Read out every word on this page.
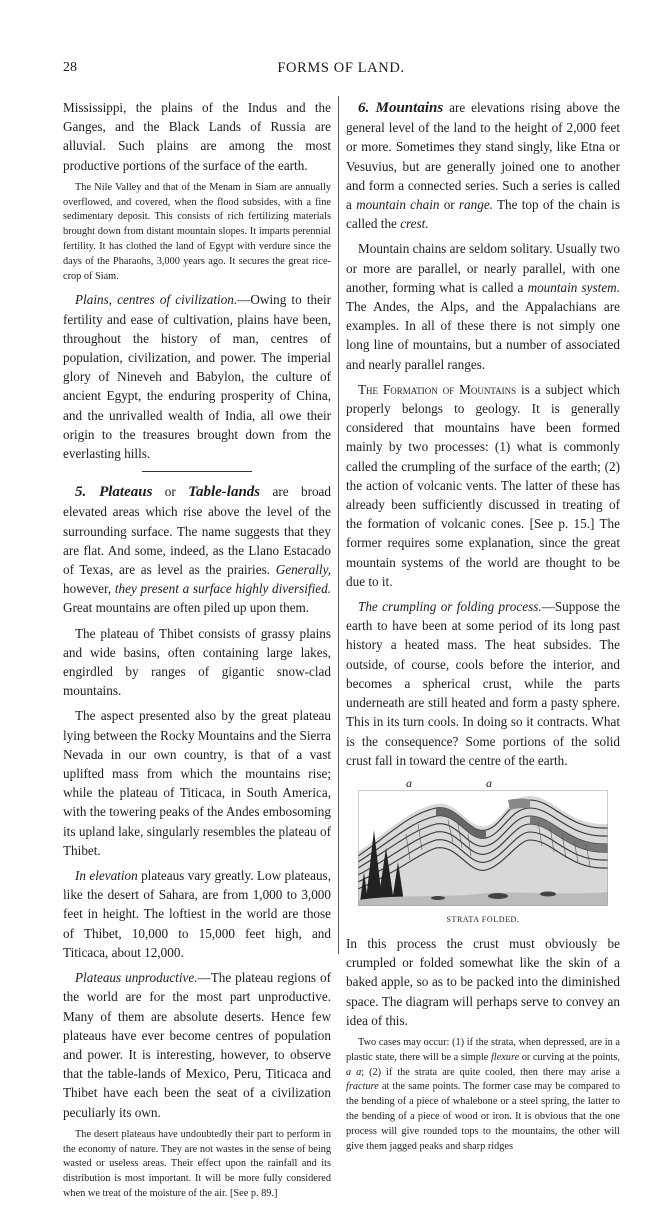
28	FORMS OF LAND.

Mississippi, the plains of the Indus and the Ganges, and the Black Lands of Russia are alluvial. Such plains are among the most productive portions of the surface of the earth.

The Nile Valley and that of the Menam in Siam are annually overflowed, and covered, when the flood subsides, with a fine sedimentary deposit. This consists of rich fertilizing materials brought down from distant mountain slopes. It imparts perennial fertility. It has clothed the land of Egypt with verdure since the days of the Pharaohs, 3,000 years ago. It secures the great rice-crop of Siam.

Plains, centres of civilization.—Owing to their fertility and ease of cultivation, plains have been, throughout the history of man, centres of population, civilization, and power. The imperial glory of Nineveh and Babylon, the culture of ancient Egypt, the enduring prosperity of China, and the unrivalled wealth of India, all owe their origin to the treasures brought down from the everlasting hills.

5. Plateaus or Table-lands are broad elevated areas which rise above the level of the surrounding surface. The name suggests that they are flat. And some, indeed, as the Llano Estacado of Texas, are as level as the prairies. Generally, however, they present a surface highly diversified. Great mountains are often piled up upon them.

The plateau of Thibet consists of grassy plains and wide basins, often containing large lakes, engirdled by ranges of gigantic snow-clad mountains.

The aspect presented also by the great plateau lying between the Rocky Mountains and the Sierra Nevada in our own country, is that of a vast uplifted mass from which the mountains rise; while the plateau of Titicaca, in South America, with the towering peaks of the Andes embosoming its upland lake, singularly resembles the plateau of Thibet.

In elevation plateaus vary greatly. Low plateaus, like the desert of Sahara, are from 1,000 to 3,000 feet in height. The loftiest in the world are those of Thibet, 10,000 to 15,000 feet high, and Titicaca, about 12,000.

Plateaus unproductive.—The plateau regions of the world are for the most part unproductive. Many of them are absolute deserts. Hence few plateaus have ever become centres of population and power. It is interesting, however, to observe that the table-lands of Mexico, Peru, Titicaca and Thibet have each been the seat of a civilization peculiarly its own.

The desert plateaus have undoubtedly their part to perform in the economy of nature. They are not wastes in the sense of being wasted or useless areas. Their effect upon the rainfall and its distribution is most important. It will be more fully considered when we treat of the moisture of the air. [See p. 89.]

6. Mountains are elevations rising above the general level of the land to the height of 2,000 feet or more. Sometimes they stand singly, like Etna or Vesuvius, but are generally joined one to another and form a connected series. Such a series is called a mountain chain or range. The top of the chain is called the crest.

Mountain chains are seldom solitary. Usually two or more are parallel, or nearly parallel, with one another, forming what is called a mountain system. The Andes, the Alps, and the Appalachians are examples. In all of these there is not simply one long line of mountains, but a number of associated and nearly parallel ranges.

The Formation of Mountains is a subject which properly belongs to geology. It is generally considered that mountains have been formed mainly by two processes: (1) what is commonly called the crumpling of the surface of the earth; (2) the action of volcanic vents. The latter of these has already been sufficiently discussed in treating of the formation of volcanic cones. [See p. 15.] The former requires some explanation, since the great mountain systems of the world are thought to be due to it.

The crumpling or folding process.—Suppose the earth to have been at some period of its long past history a heated mass. The heat subsides. The outside, of course, cools before the interior, and becomes a spherical crust, while the parts underneath are still heated and form a pasty sphere. This in its turn cools. In doing so it contracts. What is the consequence? Some portions of the solid crust fall in toward the centre of the earth.

a	a
STRATA FOLDED.

In this process the crust must obviously be crumpled or folded somewhat like the skin of a baked apple, so as to be packed into the diminished space. The diagram will perhaps serve to convey an idea of this.

Two cases may occur: (1) if the strata, when depressed, are in a plastic state, there will be a simple flexure or curving at the points, a a; (2) if the strata are quite cooled, then there may arise a fracture at the same points. The former case may be compared to the bending of a piece of whalebone or a steel spring, the latter to the bending of a piece of wood or iron. It is obvious that the one process will give rounded tops to the mountains, the other will give them jagged peaks and sharp ridges
